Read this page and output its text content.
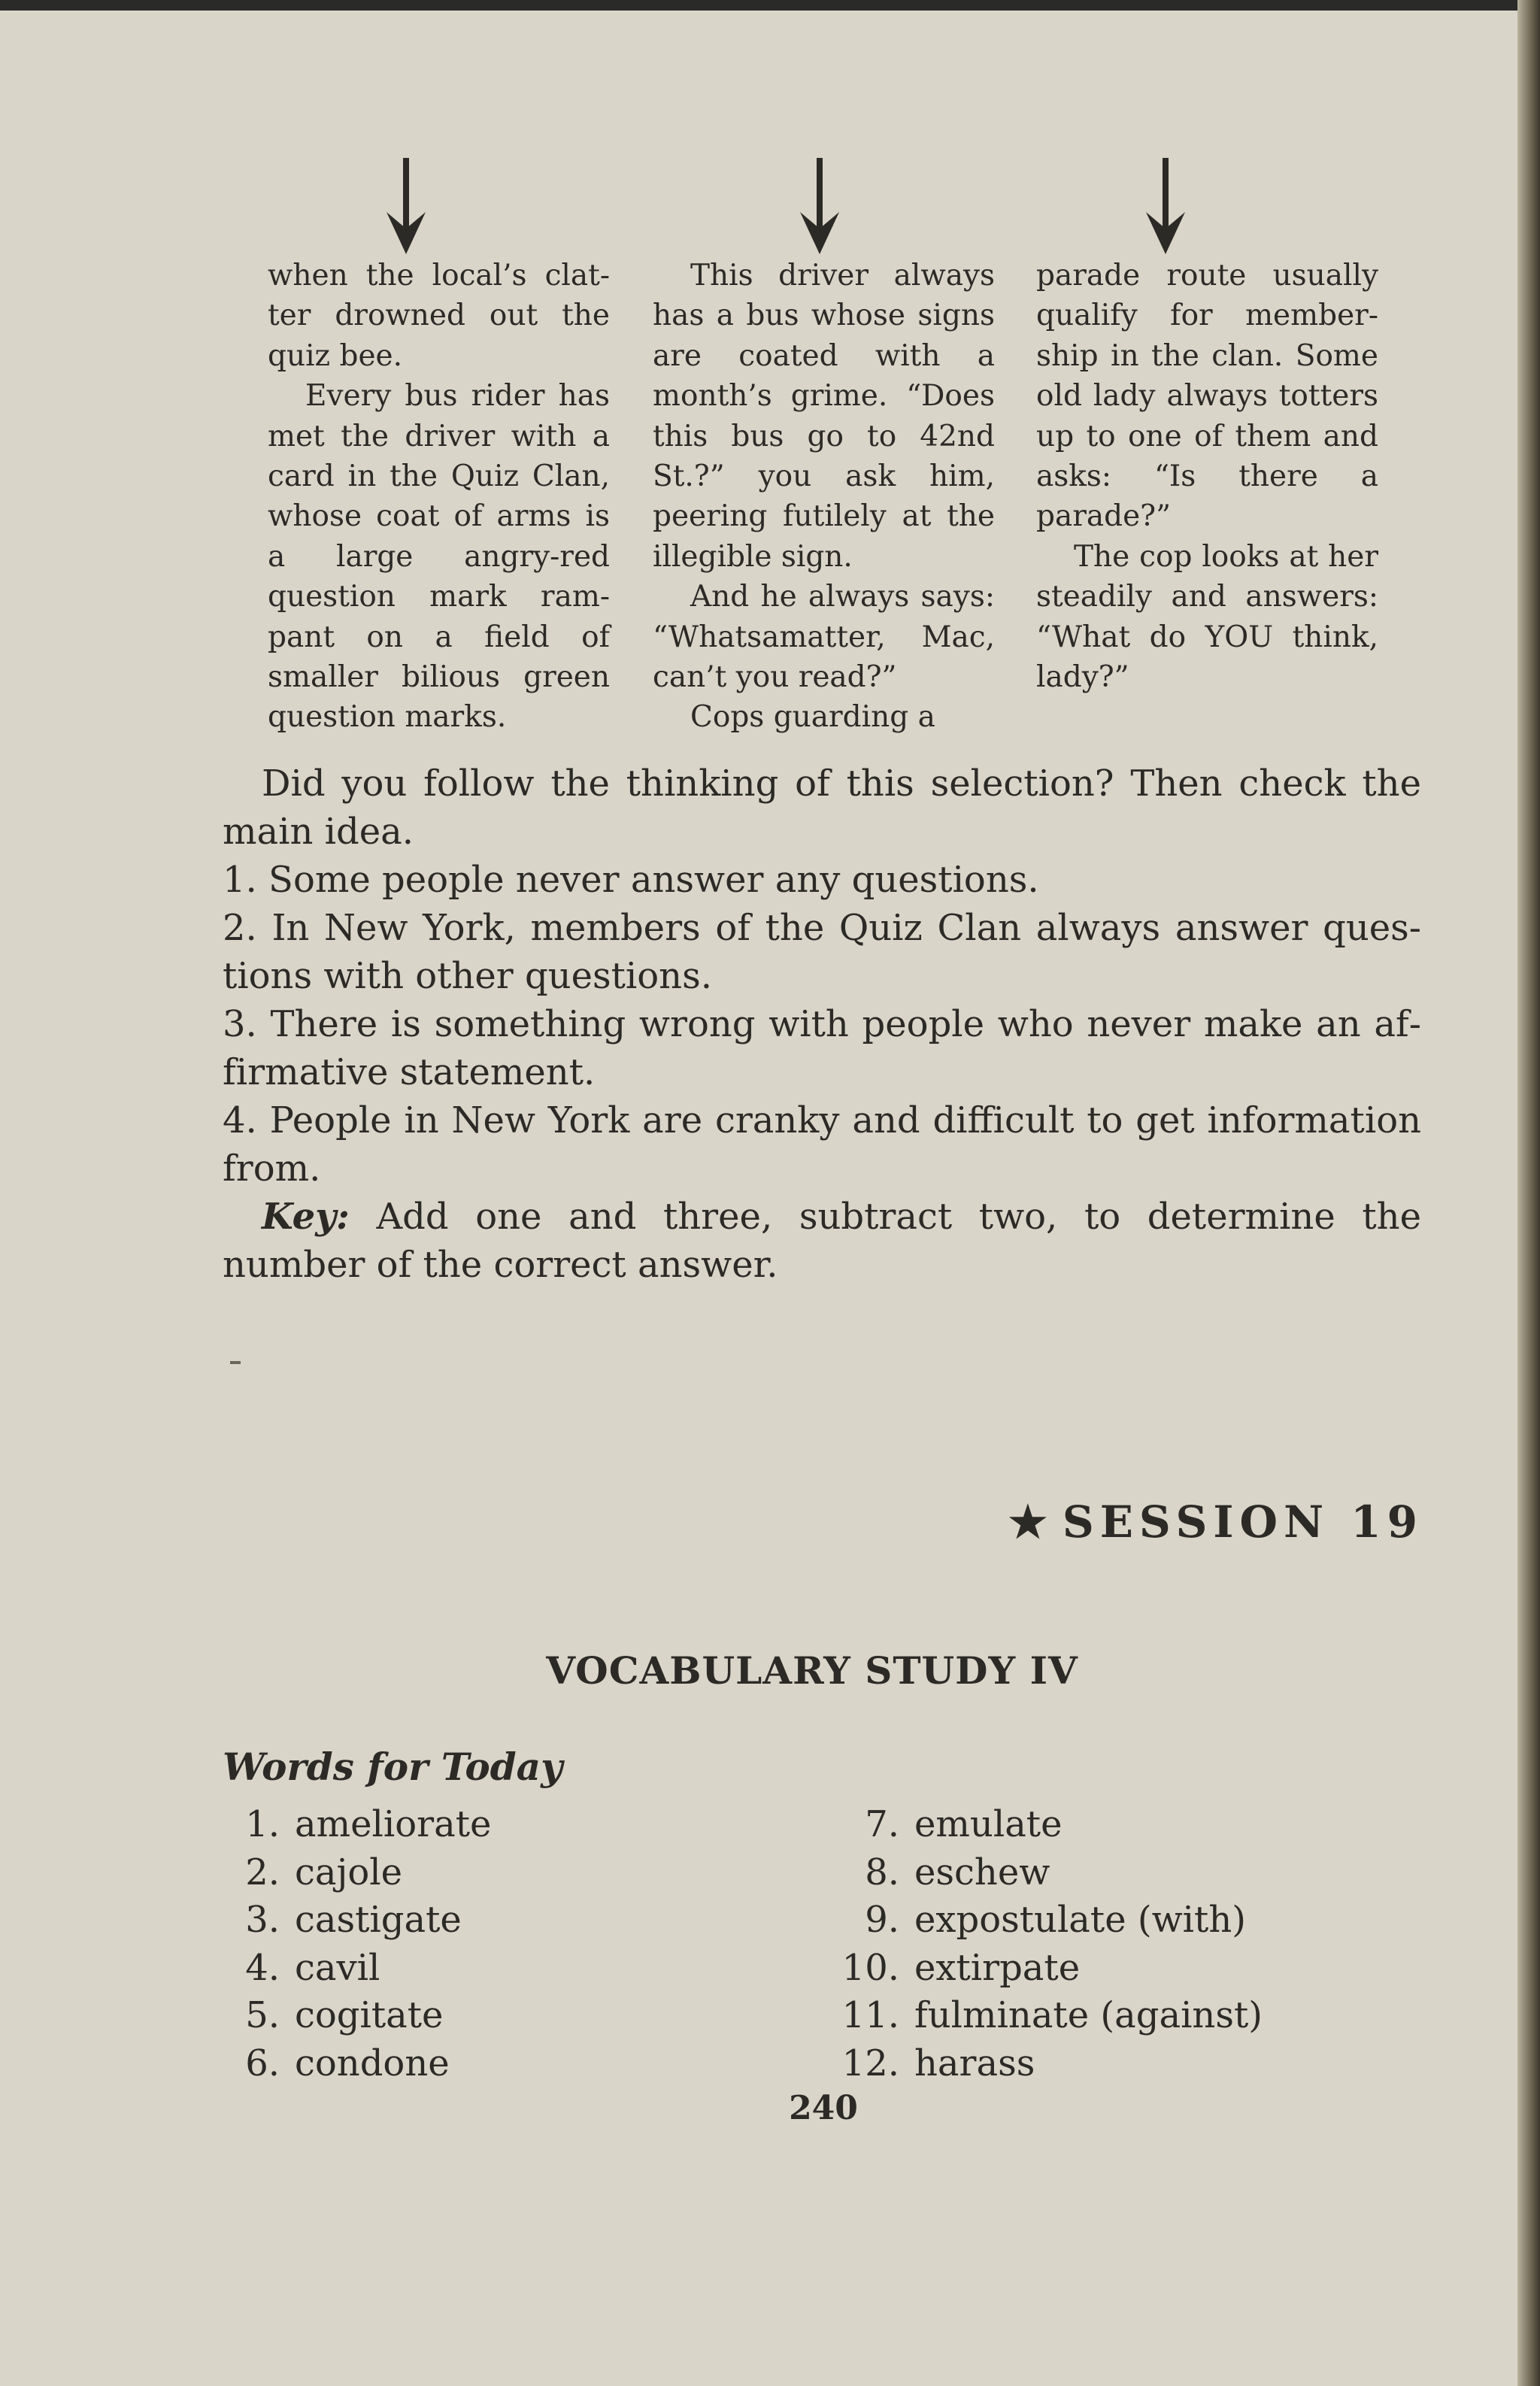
when the local’s clatter drowned out the quiz bee.

Every bus rider has met the driver with a card in the Quiz Clan, whose coat of arms is a large angry-red question mark rampant on a field of smaller bilious green question marks.

This driver always has a bus whose signs are coated with a month’s grime. “Does this bus go to 42nd St.?” you ask him, peering futilely at the illegible sign.

And he always says: “Whatsamatter, Mac, can’t you read?”

Cops guarding a

parade route usually qualify for membership in the clan. Some old lady always totters up to one of them and asks: “Is there a parade?”

The cop looks at her steadily and answers: “What do YOU think, lady?”

Did you follow the thinking of this selection? Then check the main idea.

1. Some people never answer any questions.

2. In New York, members of the Quiz Clan always answer questions with other questions.

3. There is something wrong with people who never make an affirmative statement.

4. People in New York are cranky and difficult to get information from.

Key: Add one and three, subtract two, to determine the number of the correct answer.

★ SESSION 19
VOCABULARY STUDY IV
Words for Today
1. ameliorate
2. cajole
3. castigate
4. cavil
5. cogitate
6. condone
7. emulate
8. eschew
9. expostulate (with)
10. extirpate
11. fulminate (against)
12. harass
240
